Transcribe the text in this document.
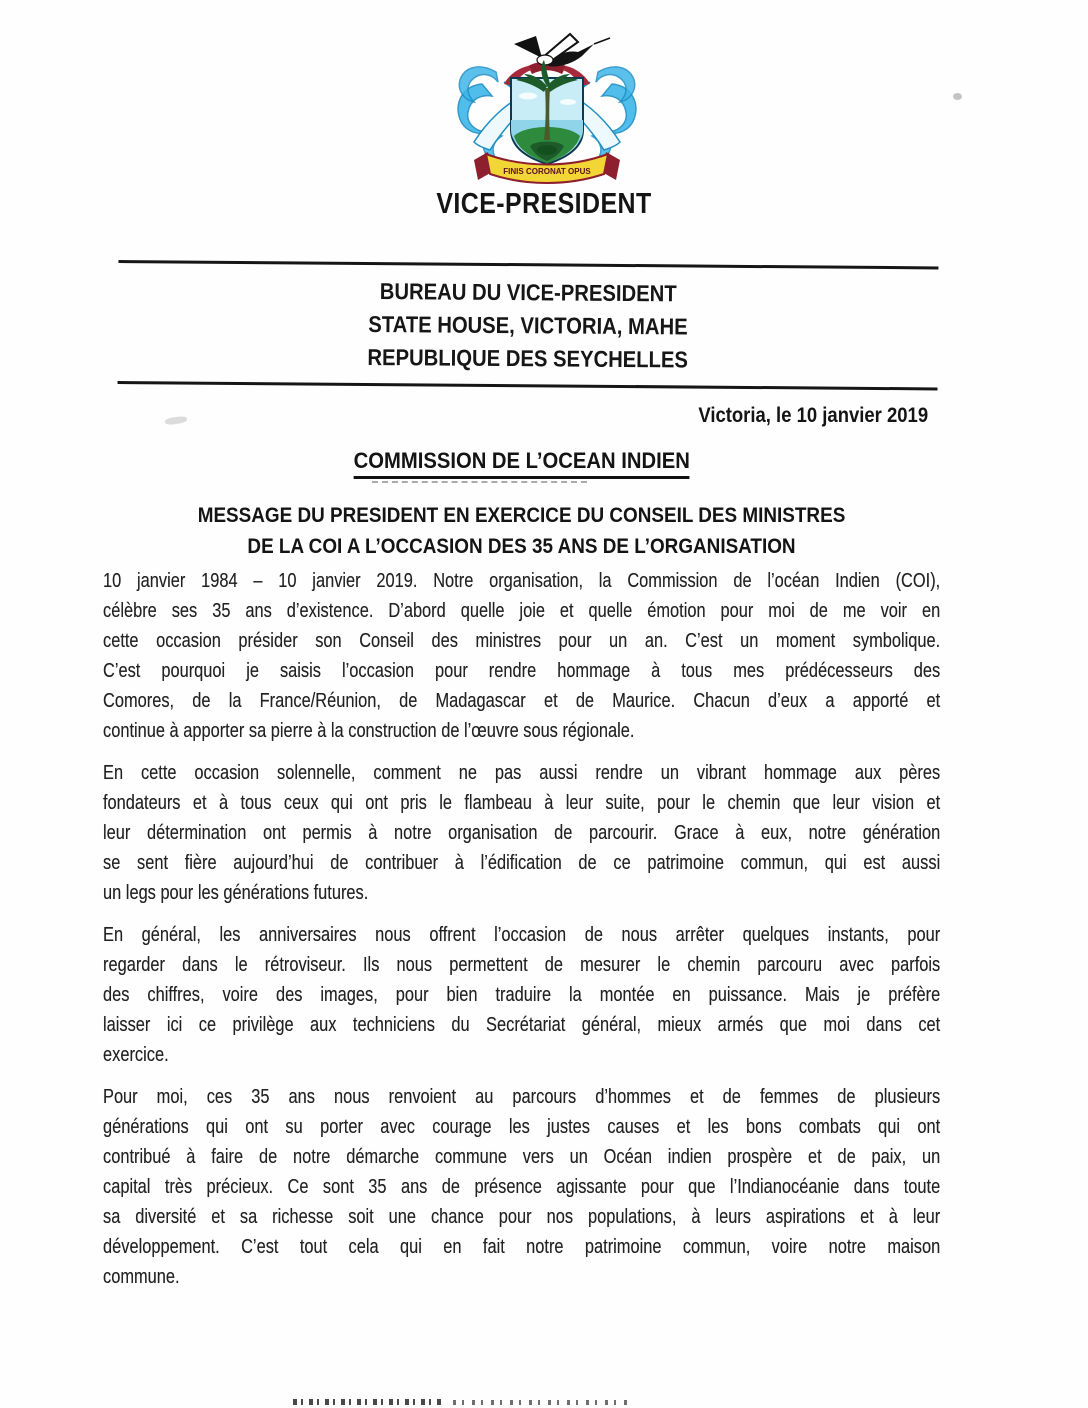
FINIS CORONAT OPUS
VICE-PRESIDENT
BUREAU DU VICE-PRESIDENT
STATE HOUSE, VICTORIA, MAHE
REPUBLIQUE DES SEYCHELLES
Victoria, le 10 janvier 2019
COMMISSION DE L’OCEAN INDIEN
MESSAGE DU PRESIDENT EN EXERCICE DU CONSEIL DES MINISTRES
DE LA COI A L’OCCASION DES 35 ANS DE L’ORGANISATION
10 janvier 1984 – 10 janvier 2019. Notre organisation, la Commission de l’océan Indien (COI),
célèbre ses 35 ans d’existence. D’abord quelle joie et quelle émotion pour moi de me voir en
cette occasion présider son Conseil des ministres pour un an. C’est un moment symbolique.
C’est pourquoi je saisis l’occasion pour rendre hommage à tous mes prédécesseurs des
Comores, de la France/Réunion, de Madagascar et de Maurice. Chacun d’eux a apporté et
continue à apporter sa pierre à la construction de l’œuvre sous régionale.
En cette occasion solennelle, comment ne pas aussi rendre un vibrant hommage aux pères
fondateurs et à tous ceux qui ont pris le flambeau à leur suite, pour le chemin que leur vision et
leur détermination ont permis à notre organisation de parcourir. Grace à eux, notre génération
se sent fière aujourd’hui de contribuer à l’édification de ce patrimoine commun, qui est aussi
un legs pour les générations futures.
En général, les anniversaires nous offrent l’occasion de nous arrêter quelques instants, pour
regarder dans le rétroviseur. Ils nous permettent de mesurer le chemin parcouru avec parfois
des chiffres, voire des images, pour bien traduire la montée en puissance. Mais je préfère
laisser ici ce privilège aux techniciens du Secrétariat général, mieux armés que moi dans cet
exercice.
Pour moi, ces 35 ans nous renvoient au parcours d’hommes et de femmes de plusieurs
générations qui ont su porter avec courage les justes causes et les bons combats qui ont
contribué à faire de notre démarche commune vers un Océan indien prospère et de paix, un
capital très précieux. Ce sont 35 ans de présence agissante pour que l’Indianocéanie dans toute
sa diversité et sa richesse soit une chance pour nos populations, à leurs aspirations et à leur
développement. C’est tout cela qui en fait notre patrimoine commun, voire notre maison
commune.
